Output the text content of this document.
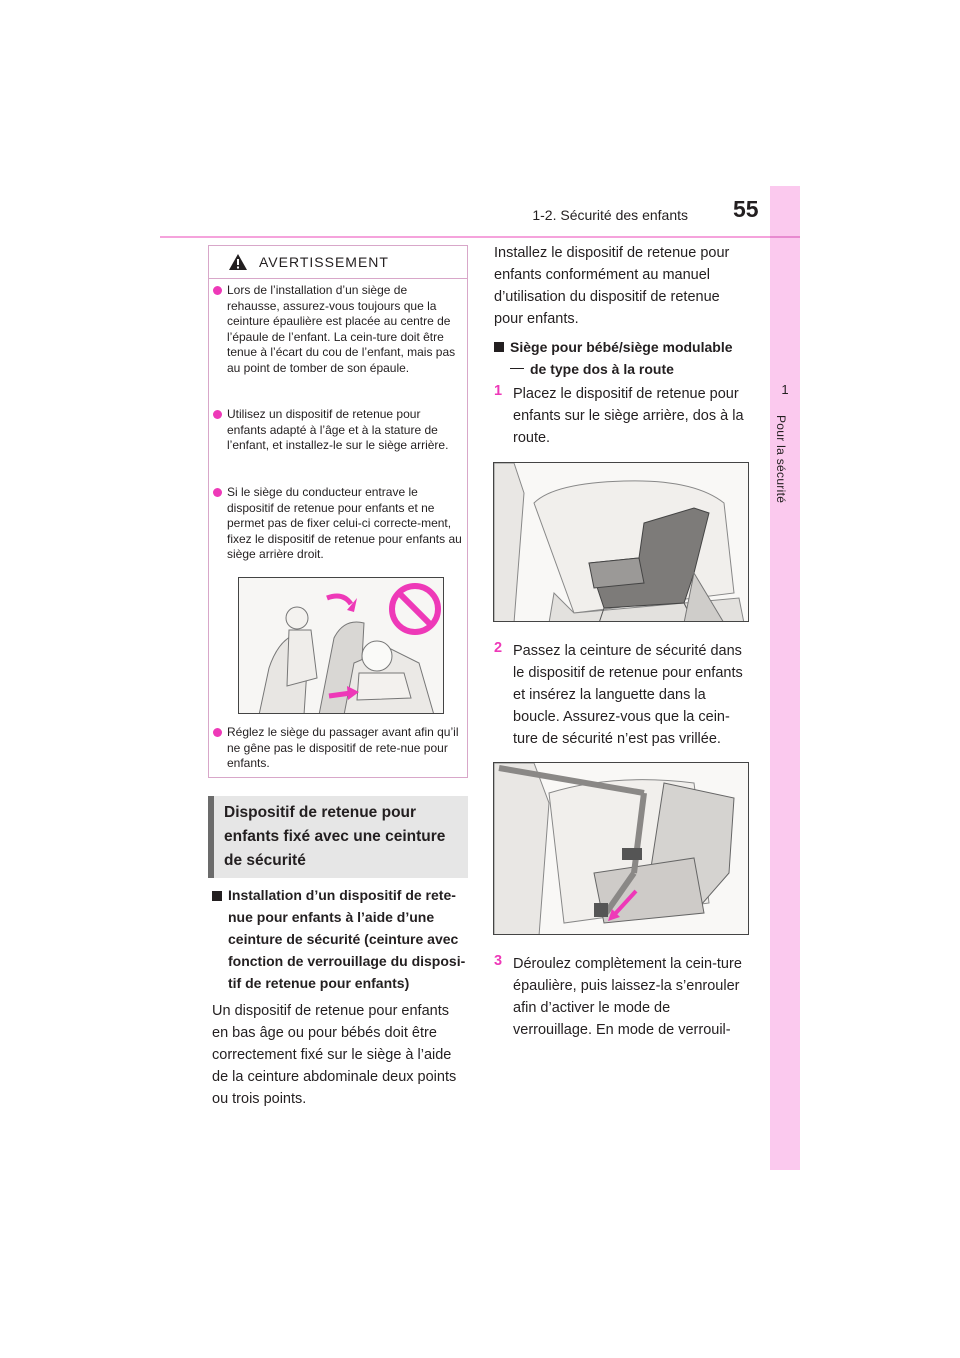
1
Pour la sécurité
1-2. Sécurité des enfants 55
AVERTISSEMENT
Lors de l’installation d’un siège de rehausse, assurez-vous toujours que la ceinture épaulière est placée au centre de l’épaule de l’enfant. La cein-ture doit être tenue à l’écart du cou de l’enfant, mais pas au point de tomber de son épaule.
Utilisez un dispositif de retenue pour enfants adapté à l’âge et à la stature de l’enfant, et installez-le sur le siège arrière.
Si le siège du conducteur entrave le dispositif de retenue pour enfants et ne permet pas de fixer celui-ci correcte-ment, fixez le dispositif de retenue pour enfants au siège arrière droit.
Réglez le siège du passager avant afin qu’il ne gêne pas le dispositif de rete-nue pour enfants.
Dispositif de retenue pour enfants fixé avec une ceinture de sécurité
Installation d’un dispositif de rete-nue pour enfants à l’aide d’une ceinture de sécurité (ceinture avec fonction de verrouillage du disposi-tif de retenue pour enfants)
Un dispositif de retenue pour enfants en bas âge ou pour bébés doit être correctement fixé sur le siège à l’aide de la ceinture abdominale deux points ou trois points.
Installez le dispositif de retenue pour enfants conformément au manuel d’utilisation du dispositif de retenue pour enfants.
Siège pour bébé/siège modulable
de type dos à la route
1 Placez le dispositif de retenue pour enfants sur le siège arrière, dos à la route.
2 Passez la ceinture de sécurité dans le dispositif de retenue pour enfants et insérez la languette dans la boucle. Assurez-vous que la cein-ture de sécurité n’est pas vrillée.
3 Déroulez complètement la cein-ture épaulière, puis laissez-la s’enrouler afin d’activer le mode de verrouillage. En mode de verrouil-
